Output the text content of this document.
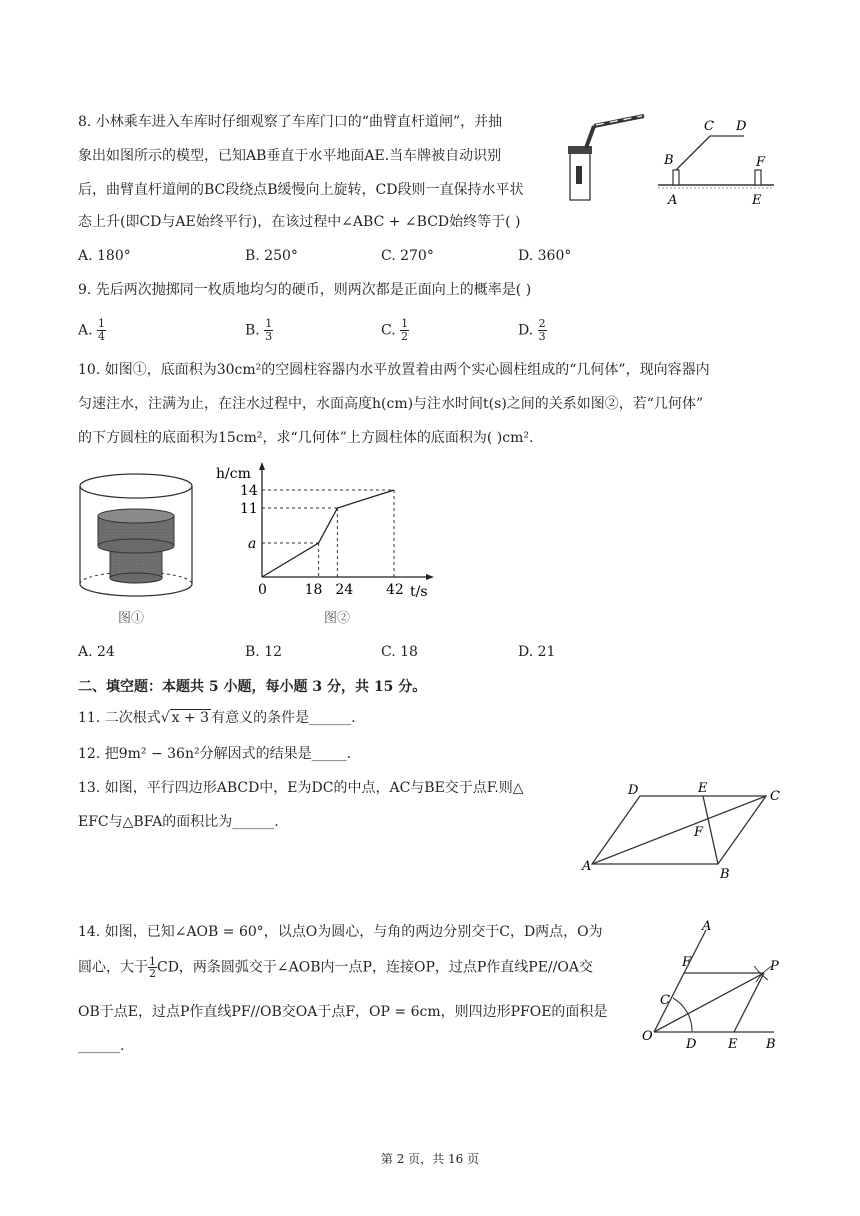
8. 小林乘车进入车库时仔细观察了车库门口的“曲臂直杆道闸”，并抽
象出如图所示的模型，已知AB垂直于水平地面AE.当车牌被自动识别
后，曲臂直杆道闸的BC段绕点B缓慢向上旋转，CD段则一直保持水平状
态上升(即CD与AE始终平行)，在该过程中∠ABC + ∠BCD始终等于( )
C D
B	F
A	E
A. 180°	B. 250°	C. 270°	D. 360°
9. 先后两次抛掷同一枚质地均匀的硬币，则两次都是正面向上的概率是( )
A. $\frac{1}{4}$	B. $\frac{1}{3}$	C. $\frac{1}{2}$	D. $\frac{2}{3}$
10. 如图①，底面积为30cm²的空圆柱容器内水平放置着由两个实心圆柱组成的“几何体”，现向容器内
匀速注水，注满为止，在注水过程中，水面高度h(cm)与注水时间t(s)之间的关系如图②，若“几何体”
的下方圆柱的底面积为15cm²，求“几何体”上方圆柱体的底面积为( )cm².
图①
h/cm
t/s
0	18 24 42
a
11
14
图②
A. 24	B. 12	C. 18	D. 21
二、填空题：本题共 5 小题，每小题 3 分，共 15 分。
11. 二次根式√ x + 3 有意义的条件是______.
12. 把9m² − 36n²分解因式的结果是_____.
13. 如图，平行四边形ABCD中，E为DC的中点，AC与BE交于点F.则△
EFC与△BFA的面积比为______.
D	E
C
F
A
B
14. 如图，已知∠AOB = 60°，以点O为圆心，与角的两边分别交于C，D两点，O为
圆心，大于 $\frac{1}{2}$ CD，两条圆弧交于∠AOB内一点P，连接OP，过点P作直线PE//OA交
OB于点E，过点P作直线PF//OB交OA于点F，OP = 6cm，则四边形PFOE的面积是
______.
A
F	P
C
O
D E B
第 2 页，共 16 页
